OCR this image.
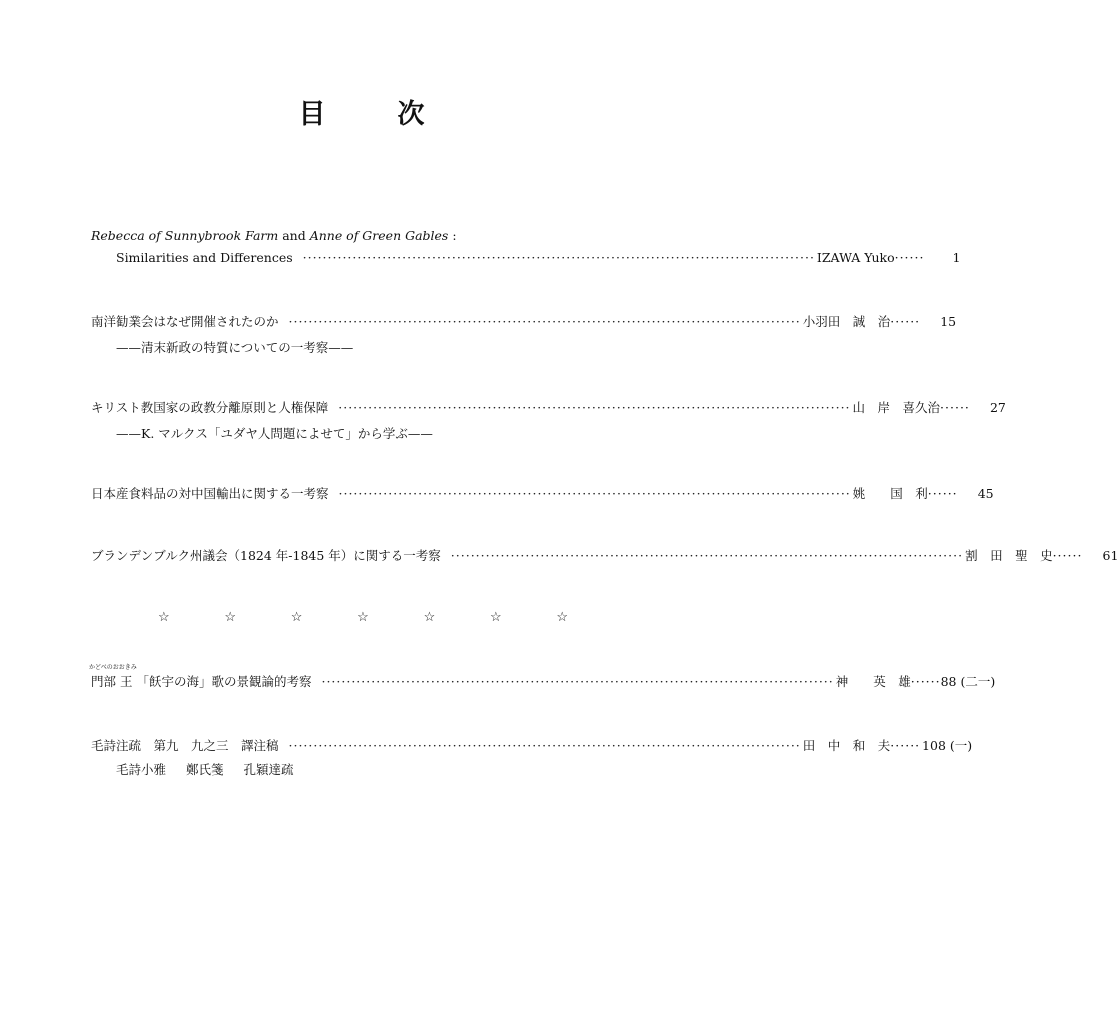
目	次
Rebecca of Sunnybrook Farm and Anne of Green Gables :
Similarities and Differences ······································································································· IZAWA Yuko ······	1
南洋勧業会はなぜ開催されたのか ······································································································· 小羽田　誠　治 ······	15
——清末新政の特質についての一考察——
キリスト教国家の政教分離原則と人権保障 ······································································································· 山　岸　喜久治 ······	27
——K. マルクス「ユダヤ人問題によせて」から学ぶ——
日本産食料品の対中国輸出に関する一考察 ······································································································· 姚　　国　利 ······	45
ブランデンブルク州議会（1824 年-1845 年）に関する一考察 ······································································································· 割　田　聖　史 ······	61
☆	☆	☆	☆	☆	☆	☆
かどべのおおきみ
門部 王 「飫宇の海」歌の景観論的考察 ······································································································· 神　　英　雄 ······ 88 (二一)
毛詩注疏　第九　九之三　譯注稿 ······································································································· 田　中　和　夫 ······ 108 (一)
毛詩小雅 鄭氏箋 孔穎達疏
